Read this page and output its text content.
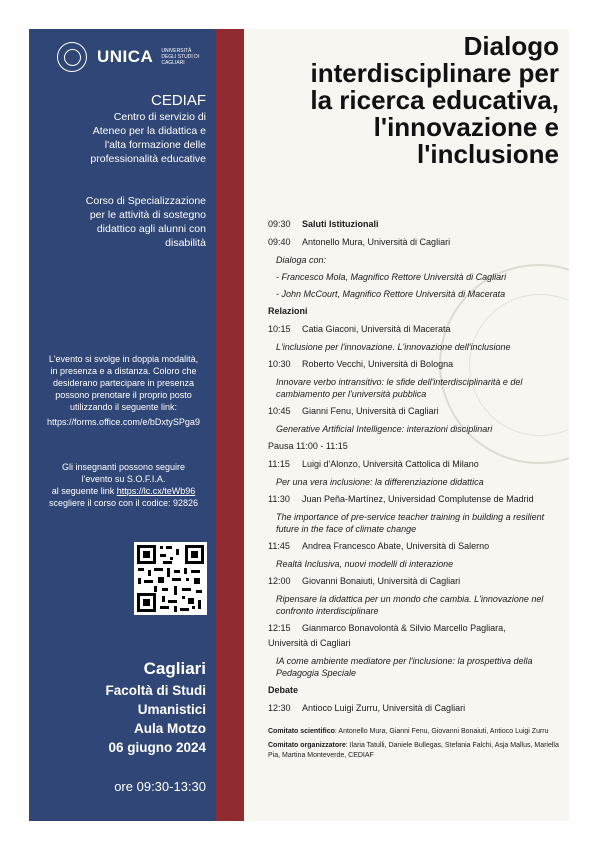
UNICA UNIVERSITÀ DEGLI STUDI DI CAGLIARI
CEDIAF
Centro di servizio di
Ateneo per la didattica e
l'alta formazione delle
professionalità educative
Corso di Specializzazione
per le attività di sostegno
didattico agli alunni con
disabilità
L'evento si svolge in doppia modalità,
in presenza e a distanza. Coloro che
desiderano partecipare in presenza
possono prenotare il proprio posto
utilizzando il seguente link:
https://forms.office.com/e/bDxtySPga9
Gli insegnanti possono seguire
l'evento su S.O.F.I.A.
al seguente link https://lc.cx/teWb96
scegliere il corso con il codice: 92826
Cagliari
Facoltà di Studi
Umanistici
Aula Motzo
06 giugno 2024
ore 09:30-13:30
Dialogo
interdisciplinare per
la ricerca educativa,
l'innovazione e
l'inclusione
09:30 Saluti Istituzionali
09:40 Antonello Mura, Università di Cagliari
Dialoga con:
- Francesco Mola, Magnifico Rettore Università di Cagliari
- John McCourt, Magnifico Rettore Università di Macerata
Relazioni
10:15 Catia Giaconi, Università di Macerata
L'inclusione per l'innovazione. L'innovazione dell'inclusione
10:30 Roberto Vecchi, Università di Bologna
Innovare verbo intransitivo: le sfide dell'interdisciplinarità e del cambiamento per l'università pubblica
10:45 Gianni Fenu, Università di Cagliari
Generative Artificial Intelligence: interazioni disciplinari
Pausa 11:00 - 11:15
11:15 Luigi d'Alonzo, Università Cattolica di Milano
Per una vera inclusione: la differenziazione didattica
11:30 Juan Peña-Martínez, Universidad Complutense de Madrid
The importance of pre-service teacher training in building a resilient future in the face of climate change
11:45 Andrea Francesco Abate, Università di Salerno
Realtà Inclusiva, nuovi modelli di interazione
12:00 Giovanni Bonaiuti, Università di Cagliari
Ripensare la didattica per un mondo che cambia. L'innovazione nel confronto interdisciplinare
12:15 Gianmarco Bonavolontà & Silvio Marcello Pagliara,
Università di Cagliari
IA come ambiente mediatore per l'inclusione: la prospettiva della Pedagogia Speciale
Debate
12:30 Antioco Luigi Zurru, Università di Cagliari
Comitato scientifico: Antonello Mura, Gianni Fenu, Giovanni Bonaiuti, Antioco Luigi Zurru
Comitato organizzatore: Ilaria Tatulli, Daniele Bullegas, Stefania Falchi, Asja Mallus, Mariella Pia, Martina Monteverde, CEDIAF
